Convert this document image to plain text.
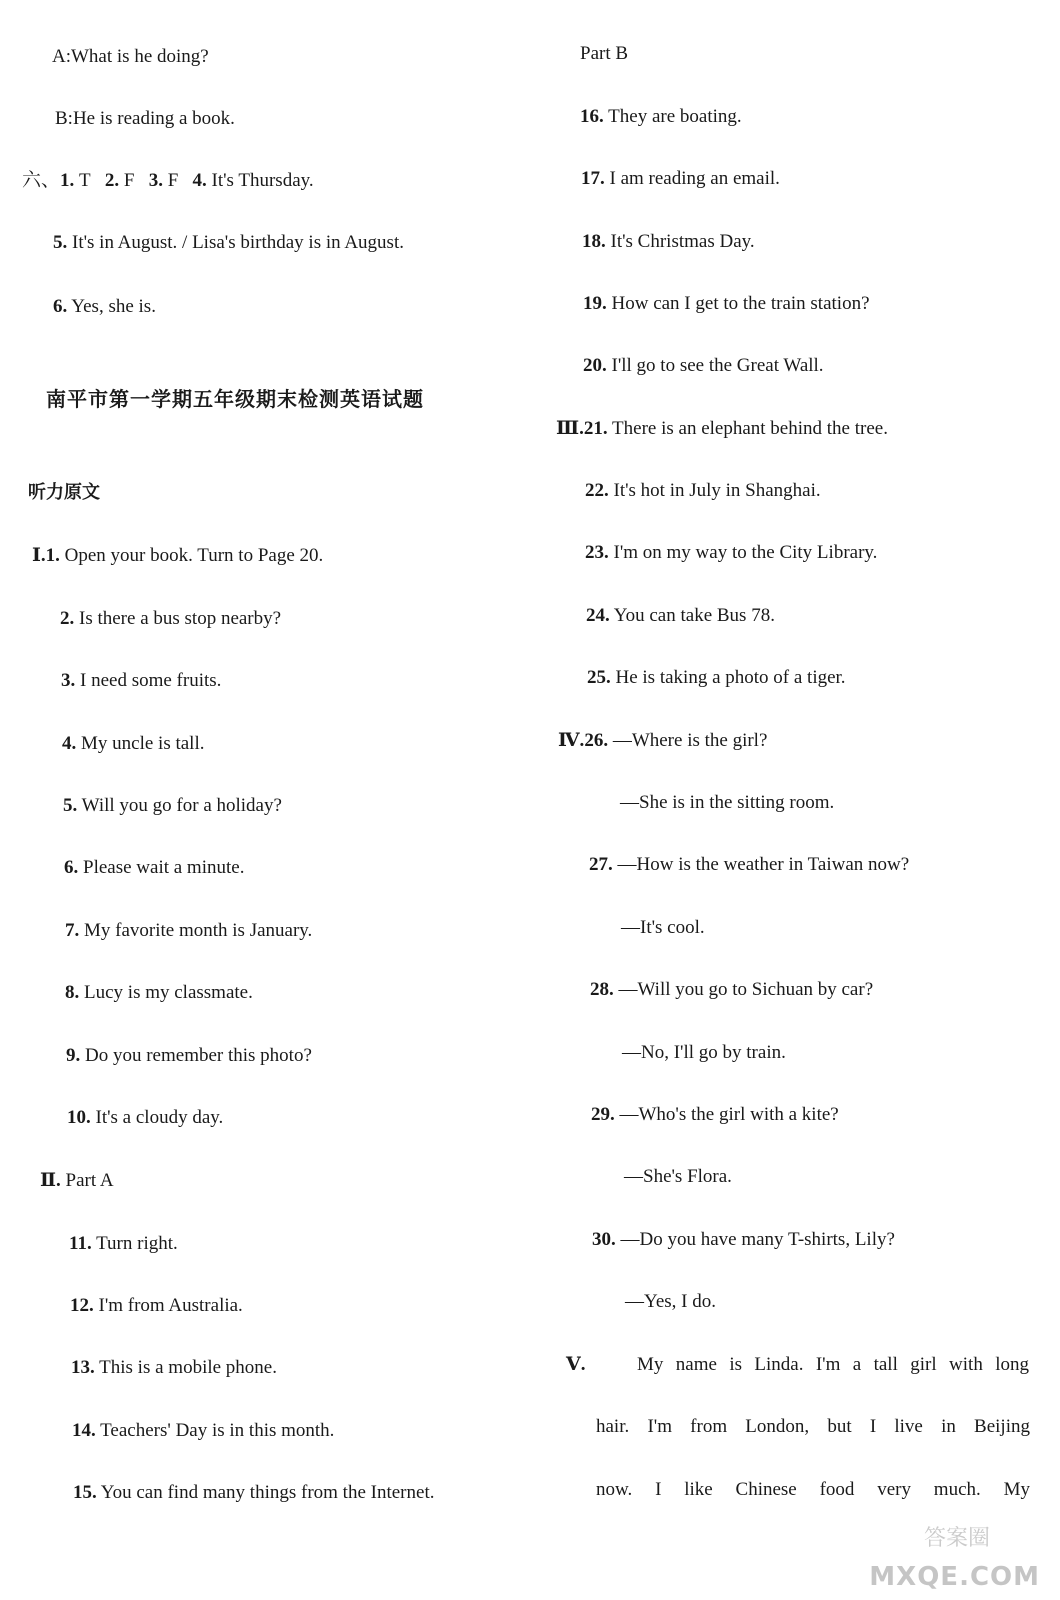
A:What is he doing?
B:He is reading a book.
六、1. T 2. F 3. F 4. It's Thursday.
5. It's in August. / Lisa's birthday is in August.
6. Yes, she is.
南平市第一学期五年级期末检测英语试题
听力原文
Ⅰ.1. Open your book. Turn to Page 20.
2. Is there a bus stop nearby?
3. I need some fruits.
4. My uncle is tall.
5. Will you go for a holiday?
6. Please wait a minute.
7. My favorite month is January.
8. Lucy is my classmate.
9. Do you remember this photo?
10. It's a cloudy day.
Ⅱ. Part A
11. Turn right.
12. I'm from Australia.
13. This is a mobile phone.
14. Teachers' Day is in this month.
15. You can find many things from the Internet.
Part B
16. They are boating.
17. I am reading an email.
18. It's Christmas Day.
19. How can I get to the train station?
20. I'll go to see the Great Wall.
Ⅲ.21. There is an elephant behind the tree.
22. It's hot in July in Shanghai.
23. I'm on my way to the City Library.
24. You can take Bus 78.
25. He is taking a photo of a tiger.
Ⅳ.26. —Where is the girl?
—She is in the sitting room.
27. —How is the weather in Taiwan now?
—It's cool.
28. —Will you go to Sichuan by car?
—No, I'll go by train.
29. —Who's the girl with a kite?
—She's Flora.
30. —Do you have many T-shirts, Lily?
—Yes, I do.
Ⅴ.	My name is Linda. I'm a tall girl with long
hair. I'm from London, but I live in Beijing
now. I like Chinese food very much. My
答案圈
MXQE.COM
